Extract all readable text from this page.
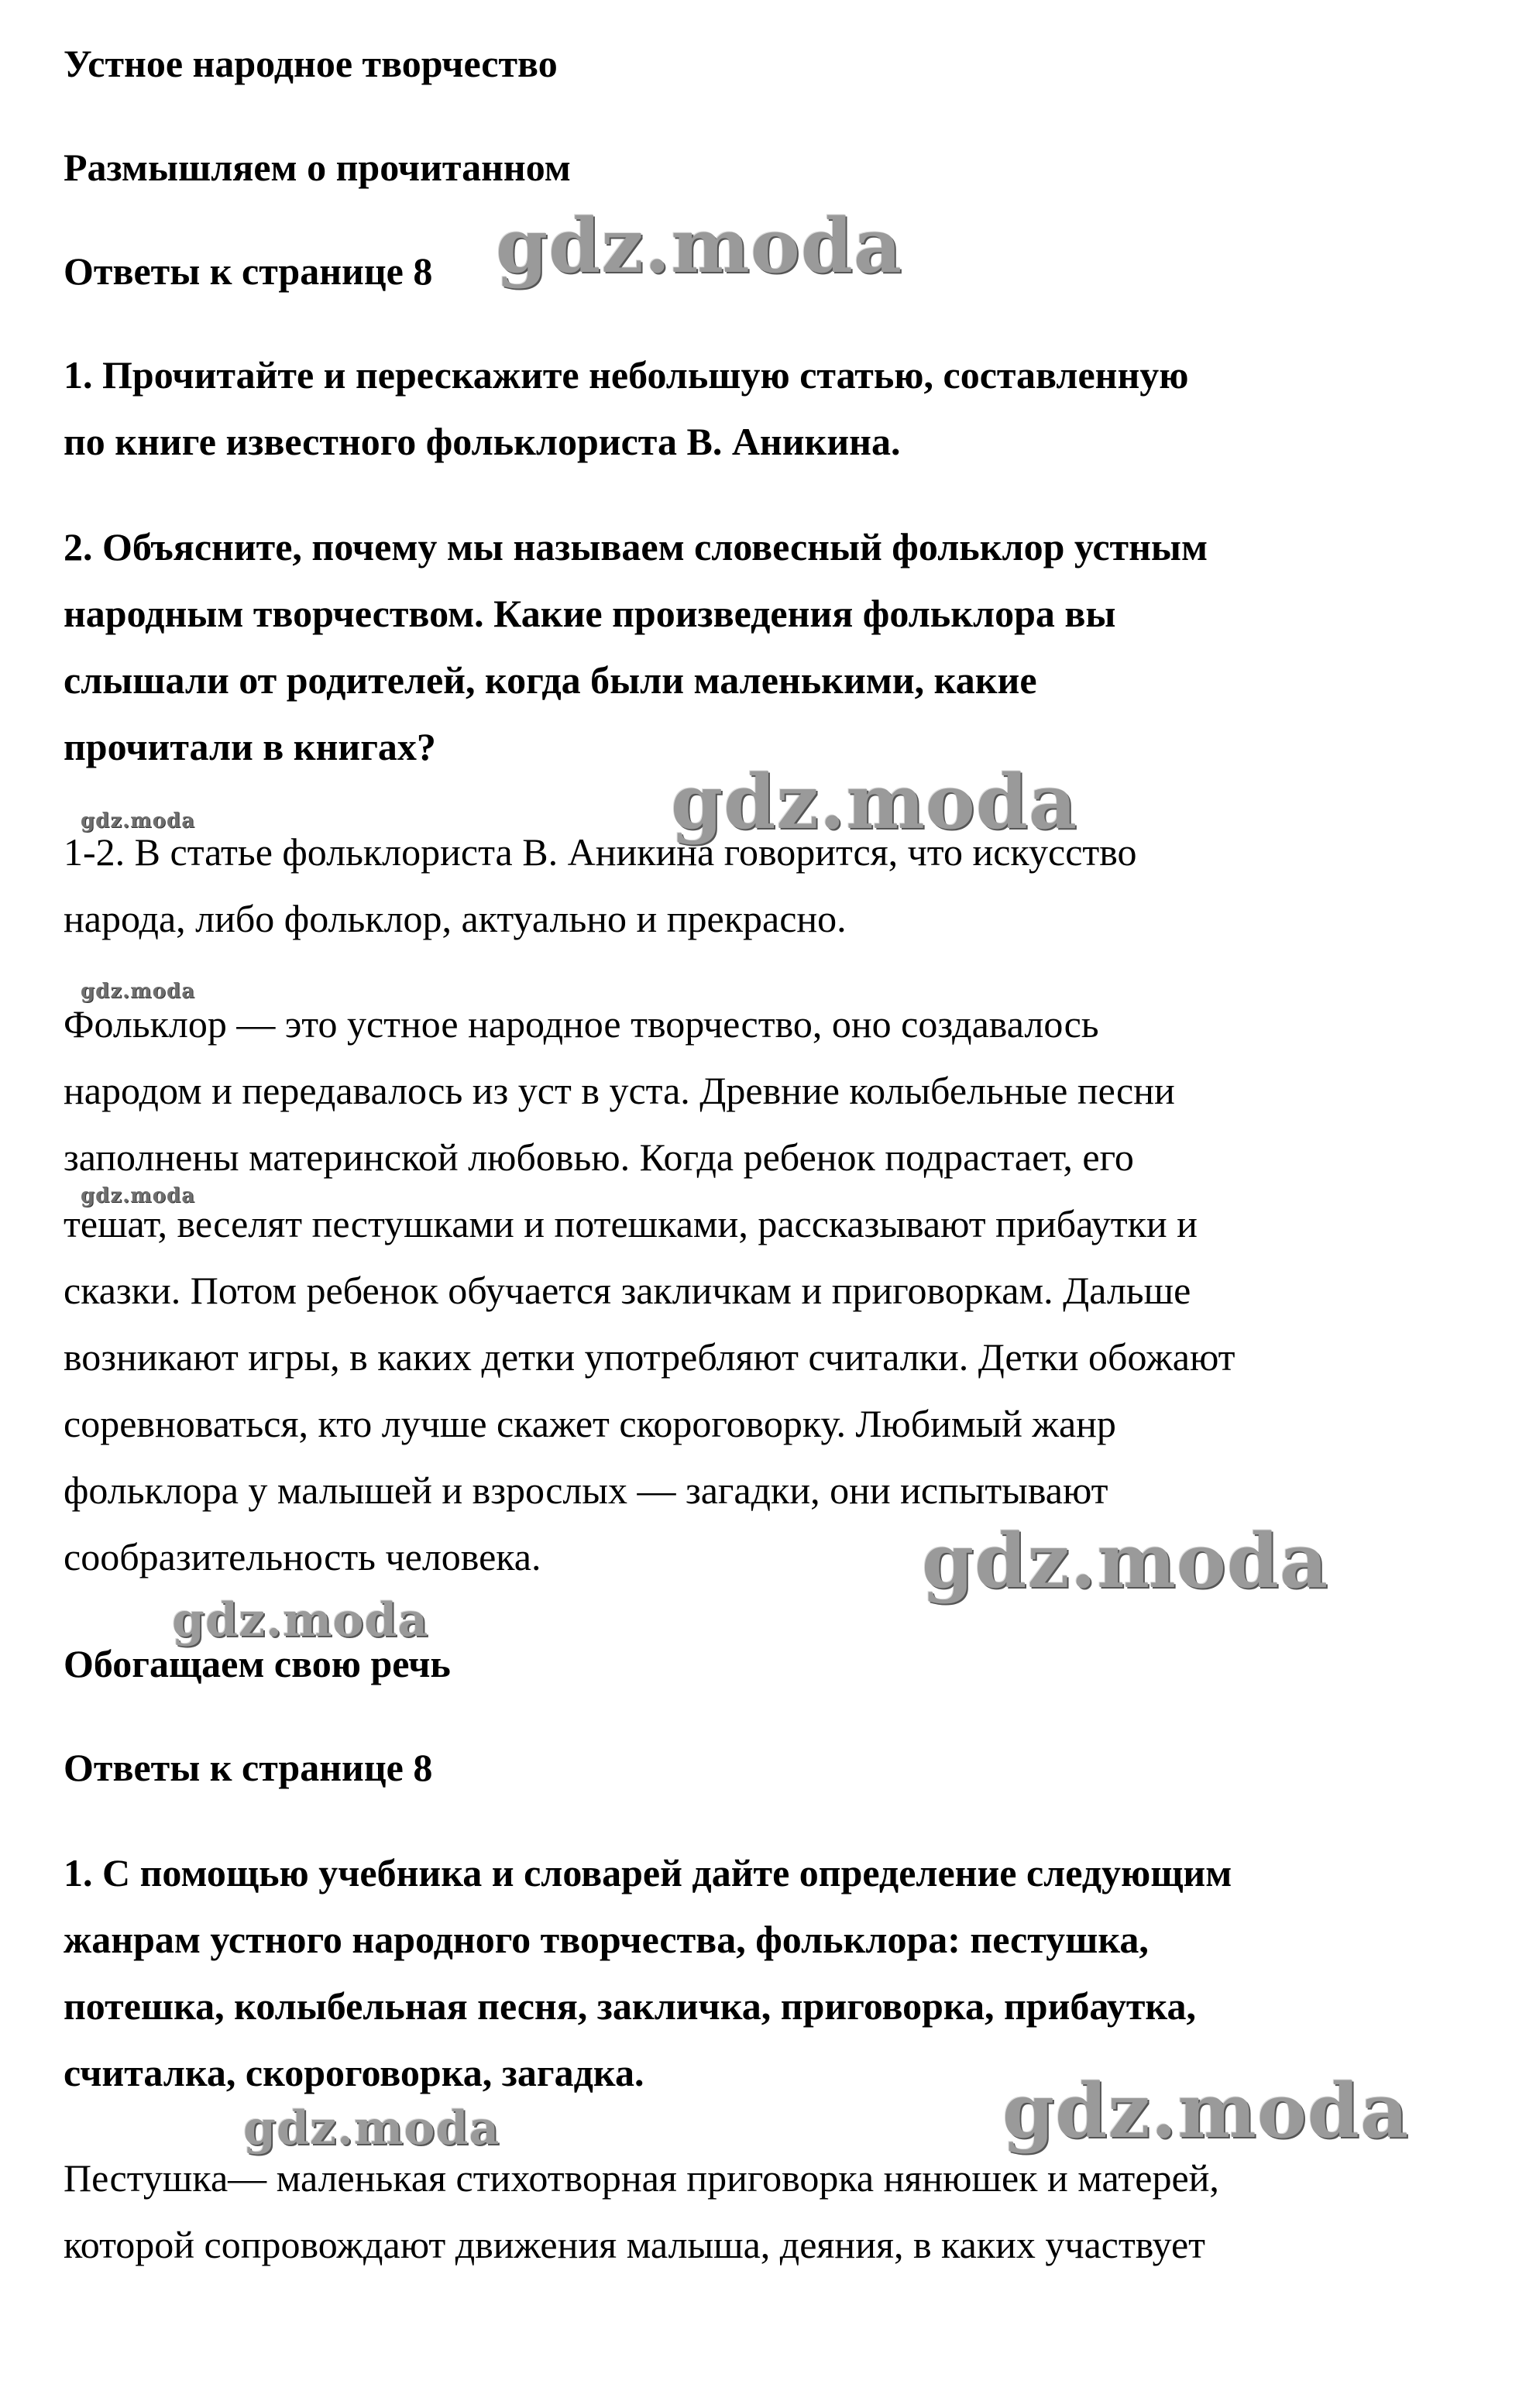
Устное народное творчество
Размышляем о прочитанном
Ответы к странице 8
1. Прочитайте и перескажите небольшую статью, составленную
по книге известного фольклориста В. Аникина.
2. Объясните, почему мы называем словесный фольклор устным
народным творчеством. Какие произведения фольклора вы
слышали от родителей, когда были маленькими, какие
прочитали в книгах?
1-2. В статье фольклориста В. Аникина говорится, что искусство
народа, либо фольклор, актуально и прекрасно.
Фольклор — это устное народное творчество, оно создавалось
народом и передавалось из уст в уста. Древние колыбельные песни
заполнены материнской любовью. Когда ребенок подрастает, его
тешат, веселят пестушками и потешками, рассказывают прибаутки и
сказки. Потом ребенок обучается закличкам и приговоркам. Дальше
возникают игры, в каких детки употребляют считалки. Детки обожают
соревноваться, кто лучше скажет скороговорку. Любимый жанр
фольклора у малышей и взрослых — загадки, они испытывают
сообразительность человека.
Обогащаем свою речь
Ответы к странице 8
1. С помощью учебника и словарей дайте определение следующим
жанрам устного народного творчества, фольклора: пестушка,
потешка, колыбельная песня, закличка, приговорка, прибаутка,
считалка, скороговорка, загадка.
Пестушка— маленькая стихотворная приговорка нянюшек и матерей,
которой сопровождают движения малыша, деяния, в каких участвует
gdz.moda
gdz.moda	gdz.moda
gdz.moda
gdz.moda
gdz.moda
gdz.moda
gdz.moda	gdz.moda
